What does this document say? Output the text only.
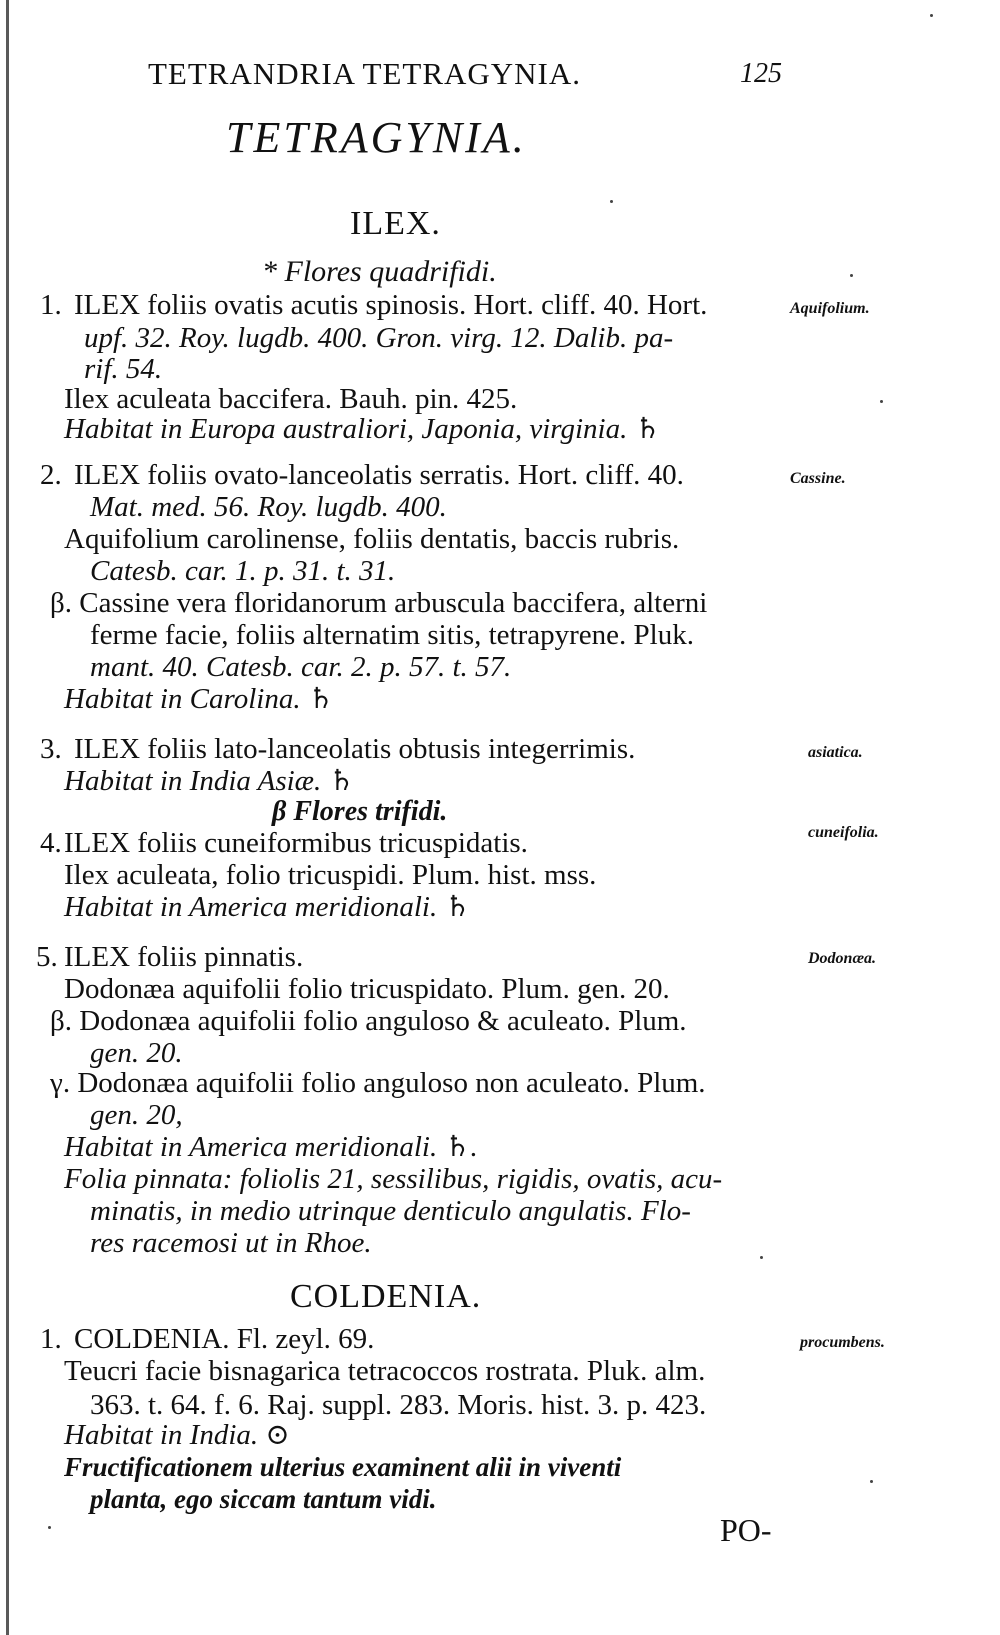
TETRANDRIA TETRAGYNIA.	125
TETRAGYNIA.
ILEX.
* Flores quadrifidi.
1.	Aquifolium.
ILEX foliis ovatis acutis spinosis. Hort. cliff. 40. Hort.
upf. 32. Roy. lugdb. 400. Gron. virg. 12. Dalib. pa-
rif. 54.
Ilex aculeata baccifera. Bauh. pin. 425.
Habitat in Europa australiori, Japonia, virginia. ♄
2.	Cassine.
ILEX foliis ovato-lanceolatis serratis. Hort. cliff. 40.
Mat. med. 56. Roy. lugdb. 400.
Aquifolium carolinense, foliis dentatis, baccis rubris.
Catesb. car. 1. p. 31. t. 31.
β. Cassine vera floridanorum arbuscula baccifera, alterni
ferme facie, foliis alternatim sitis, tetrapyrene. Pluk.
mant. 40. Catesb. car. 2. p. 57. t. 57.
Habitat in Carolina. ♄
3.	asiatica.
ILEX foliis lato-lanceolatis obtusis integerrimis.
Habitat in India Asiæ. ♄
β Flores trifidi.
4.	cuneifolia.
ILEX foliis cuneiformibus tricuspidatis.
Ilex aculeata, folio tricuspidi. Plum. hist. mss.
Habitat in America meridionali. ♄
5.	Dodonæa.
ILEX foliis pinnatis.
Dodonæa aquifolii folio tricuspidato. Plum. gen. 20.
β. Dodonæa aquifolii folio anguloso & aculeato. Plum.
gen. 20.
γ. Dodonæa aquifolii folio anguloso non aculeato. Plum.
gen. 20,
Habitat in America meridionali. ♄.
Folia pinnata: foliolis 21, sessilibus, rigidis, ovatis, acu-
minatis, in medio utrinque denticulo angulatis. Flo-
res racemosi ut in Rhoe.
COLDENIA.
1.	procumbens.
COLDENIA. Fl. zeyl. 69.
Teucri facie bisnagarica tetracoccos rostrata. Pluk. alm.
363. t. 64. f. 6. Raj. suppl. 283. Moris. hist. 3. p. 423.
Habitat in India. ⊙
Fructificationem ulterius examinent alii in viventi
planta, ego siccam tantum vidi.
PO-
